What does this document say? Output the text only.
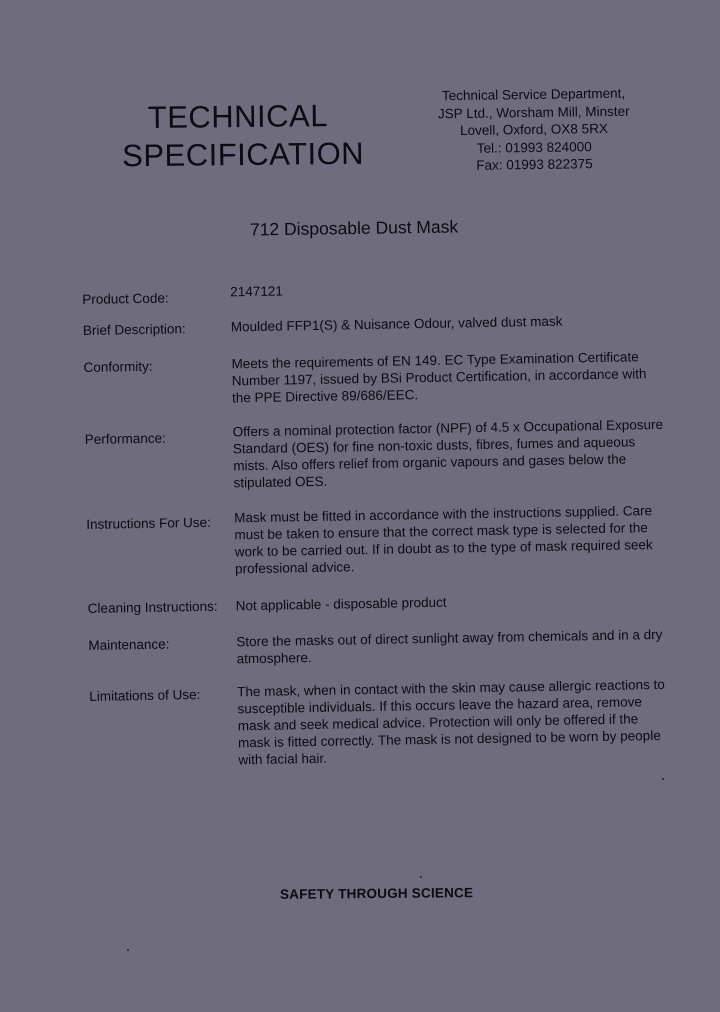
TECHNICAL
SPECIFICATION
Technical Service Department,
JSP Ltd., Worsham Mill, Minster
Lovell, Oxford, OX8 5RX
Tel.: 01993 824000
Fax: 01993 822375
712 Disposable Dust Mask
Product Code:	2147121
Brief Description:	Moulded FFP1(S) & Nuisance Odour, valved dust mask
Conformity:	Meets the requirements of EN 149. EC Type Examination Certificate Number 1197, issued by BSi Product Certification, in accordance with the PPE Directive 89/686/EEC.
Performance:	Offers a nominal protection factor (NPF) of 4.5 x Occupational Exposure Standard (OES) for fine non-toxic dusts, fibres, fumes and aqueous mists. Also offers relief from organic vapours and gases below the stipulated OES.
Instructions For Use: Mask must be fitted in accordance with the instructions supplied. Care must be taken to ensure that the correct mask type is selected for the work to be carried out. If in doubt as to the type of mask required seek professional advice.
Cleaning Instructions: Not applicable - disposable product
Maintenance:	Store the masks out of direct sunlight away from chemicals and in a dry atmosphere.
Limitations of Use:	The mask, when in contact with the skin may cause allergic reactions to susceptible individuals. If this occurs leave the hazard area, remove mask and seek medical advice. Protection will only be offered if the mask is fitted correctly. The mask is not designed to be worn by people with facial hair.
SAFETY THROUGH SCIENCE
